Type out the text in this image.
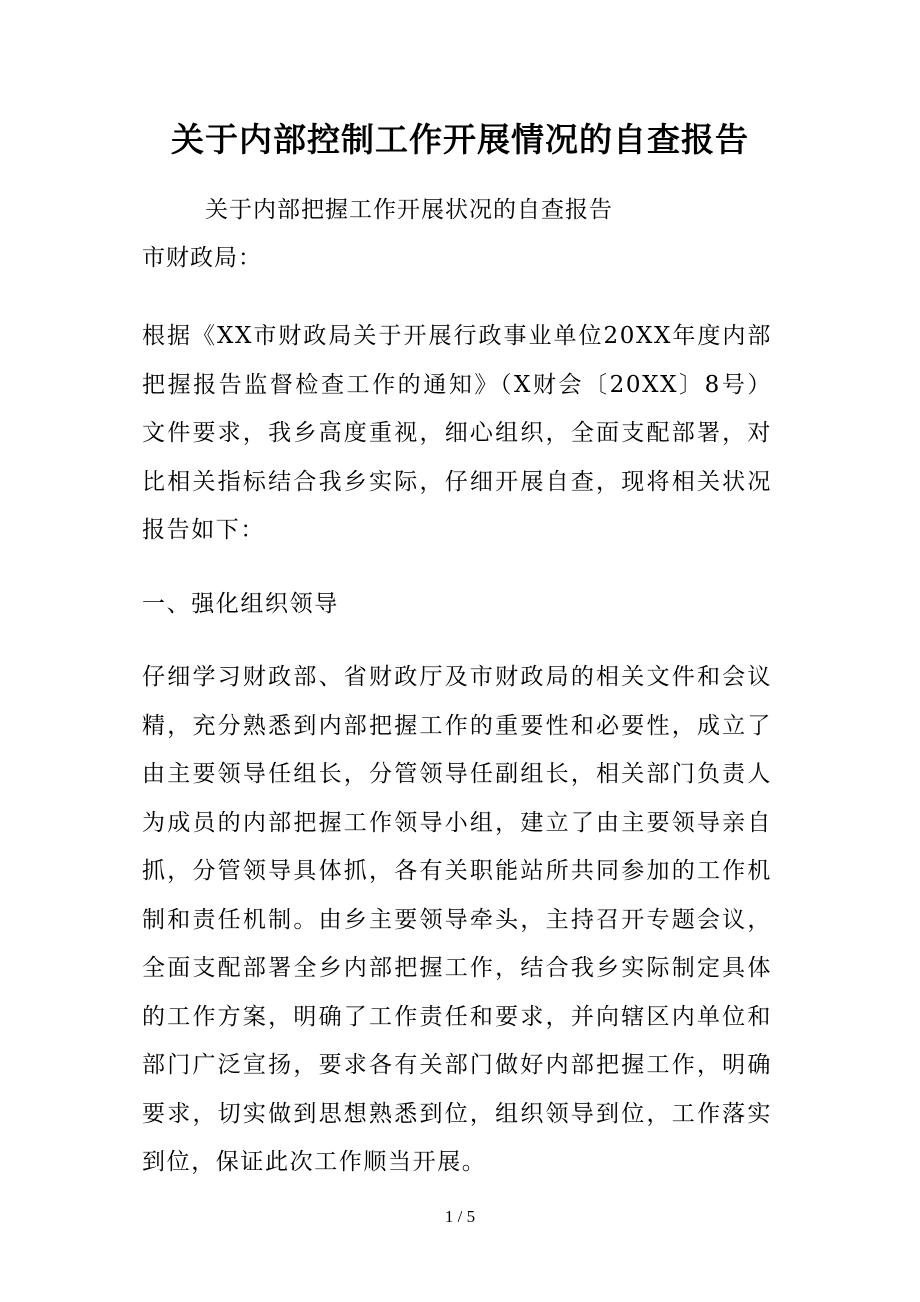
关于内部控制工作开展情况的自查报告
关于内部把握工作开展状况的自查报告
市财政局：

根据《XX市财政局关于开展行政事业单位20XX年度内部把握报告监督检查工作的通知》（X财会〔20XX〕8号）文件要求，我乡高度重视，细心组织，全面支配部署，对比相关指标结合我乡实际，仔细开展自查，现将相关状况报告如下：

一、强化组织领导

仔细学习财政部、省财政厅及市财政局的相关文件和会议精，充分熟悉到内部把握工作的重要性和必要性，成立了由主要领导任组长，分管领导任副组长，相关部门负责人为成员的内部把握工作领导小组，建立了由主要领导亲自抓，分管领导具体抓，各有关职能站所共同参加的工作机制和责任机制。由乡主要领导牵头，主持召开专题会议，全面支配部署全乡内部把握工作，结合我乡实际制定具体的工作方案，明确了工作责任和要求，并向辖区内单位和部门广泛宣扬，要求各有关部门做好内部把握工作，明确要求，切实做到思想熟悉到位，组织领导到位，工作落实到位，保证此次工作顺当开展。

1 / 5
